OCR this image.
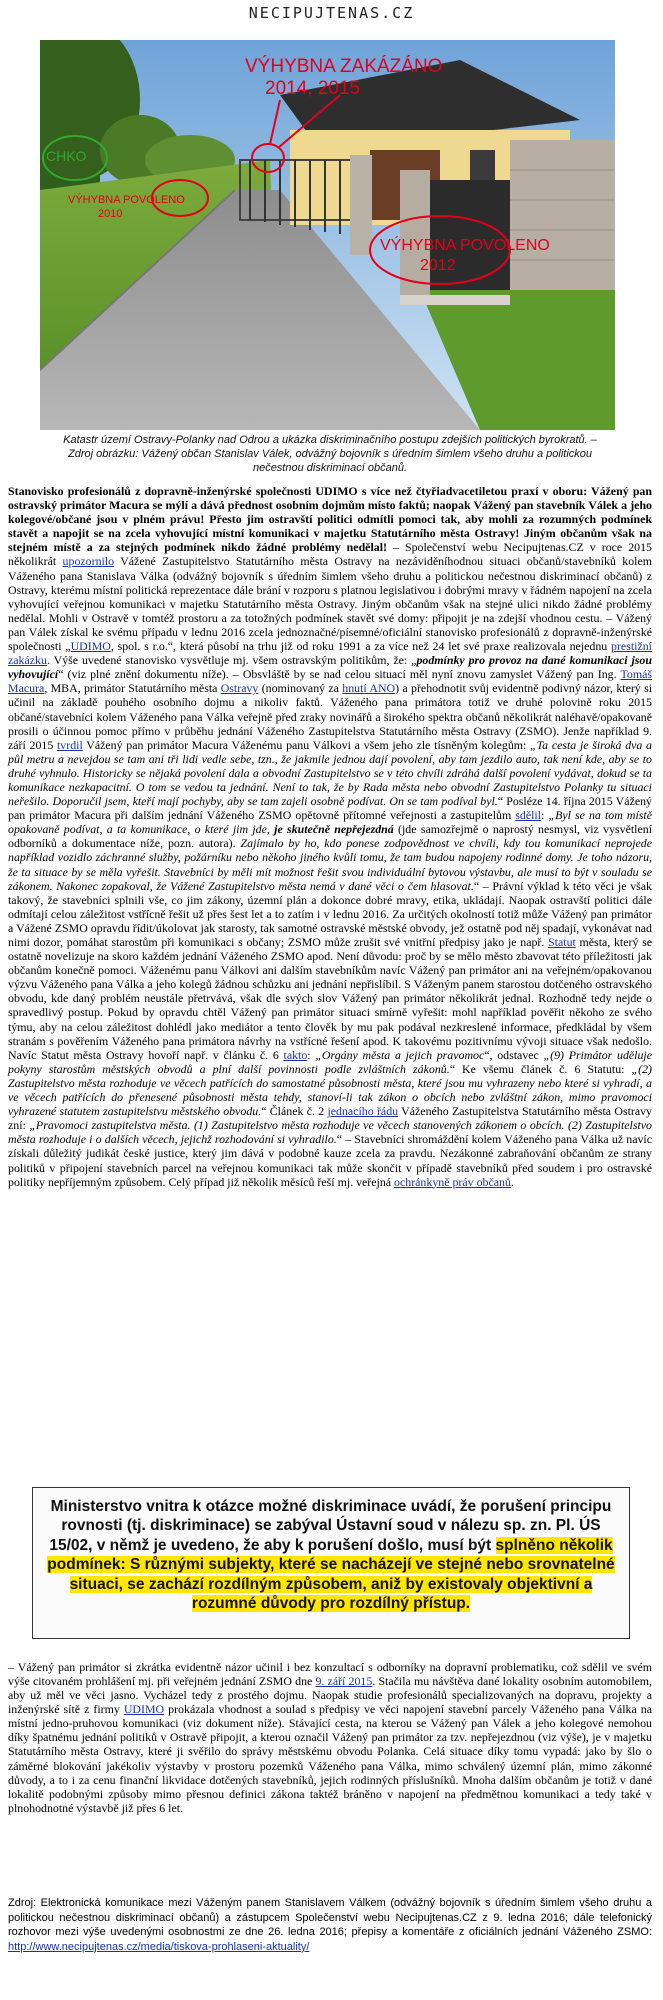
NECIPUJTENAS.CZ
VÝHYBNA ZAKÁZÁNO
2014, 2015
VÝHYBNA POVOLENO
2010
VÝHYBNA POVOLENO
2012
CHKO
Katastr území Ostravy-Polanky nad Odrou a ukázka diskriminačního postupu zdejších politických byrokratů. –
Zdroj obrázku: Vážený občan Stanislav Válek, odvážný bojovník s úředním šimlem všeho druhu a politickou nečestnou diskriminací občanů.

Stanovisko profesionálů z dopravně-inženýrské společnosti UDIMO s více než čtyřiadvacetiletou praxí v oboru: Vážený pan ostravský primátor Macura se mýlí a dává přednost osobním dojmům místo faktů; naopak Vážený pan stavebník Válek a jeho kolegové/občané jsou v plném právu! Přesto jim ostravští politici odmítli pomoci tak, aby mohli za rozumných podmínek stavět a napojit se na zcela vyhovující místní komunikaci v majetku Statutárního města Ostravy! Jiným občanům však na stejném místě a za stejných podmínek nikdo žádné problémy nedělal! – Společenství webu Necipujtenas.CZ v roce 2015 několikrát upozornilo Vážené Zastupitelstvo Statutárního města Ostravy na nezáviděníhodnou situaci občanů/stavebníků kolem Váženého pana Stanislava Válka (odvážný bojovník s úředním šimlem všeho druhu a politickou nečestnou diskriminací občanů) z Ostravy, kterému místní politická reprezentace dále brání v rozporu s platnou legislativou i dobrými mravy v řádném napojení na zcela vyhovující veřejnou komunikaci v majetku Statutárního města Ostravy. Jiným občanům však na stejné ulici nikdo žádné problémy nedělal. Mohli v Ostravě v tomtéž prostoru a za totožných podmínek stavět své domy: připojit je na zdejší vhodnou cestu. – Vážený pan Válek získal ke svému případu v lednu 2016 zcela jednoznačné/písemné/oficiální stanovisko profesionálů z dopravně-inženýrské společnosti „UDIMO, spol. s r.o.“, která působí na trhu již od roku 1991 a za více než 24 let své praxe realizovala nejednu prestižní zakázku. Výše uvedené stanovisko vysvětluje mj. všem ostravským politikům, že: „podmínky pro provoz na dané komunikaci jsou vyhovující“ (viz plné znění dokumentu níže). – Obsvláště by se nad celou situací měl nyní znovu zamyslet Vážený pan Ing. Tomáš Macura, MBA, primátor Statutárního města Ostravy (nominovaný za hnutí ANO) a přehodnotit svůj evidentně podivný názor, který si učinil na základě pouhého osobního dojmu a nikoliv faktů. Váženého pana primátora totiž ve druhé polovině roku 2015 občané/stavebníci kolem Váženého pana Válka veřejně před zraky novinářů a širokého spektra občanů několikrát naléhavě/opakovaně prosili o účinnou pomoc přímo v průběhu jednání Váženého Zastupitelstva Statutárního města Ostravy (ZSMO). Jenže například 9. září 2015 tvrdil Vážený pan primátor Macura Váženému panu Válkovi a všem jeho zle tísněným kolegům: „Ta cesta je široká dva a půl metru a nevejdou se tam ani tři lidi vedle sebe, tzn., že jakmile jednou dají povolení, aby tam jezdilo auto, tak není kde, aby se to druhé vyhnulo. Historicky se nějaká povolení dala a obvodní Zastupitelstvo se v této chvíli zdráhá další povolení vydávat, dokud se ta komunikace nezkapacitní. O tom se vedou ta jednání. Není to tak, že by Rada města nebo obvodní Zastupitelstvo Polanky tu situaci neřešilo. Doporučil jsem, kteří mají pochyby, aby se tam zajeli osobně podívat. On se tam podíval byl.“ Posléze 14. října 2015 Vážený pan primátor Macura při dalším jednání Váženého ZSMO opětovně přítomné veřejnosti a zastupitelům sdělil: „Byl se na tom místě opakovaně podívat, a ta komunikace, o které jim jde, je skutečně nepřejezdná (jde samozřejmě o naprostý nesmysl, viz vysvětlení odborníků a dokumentace níže, pozn. autora). Zajímalo by ho, kdo ponese zodpovědnost ve chvíli, kdy tou komunikací neprojede například vozidlo záchranné služby, požárníku nebo někoho jiného kvůli tomu, že tam budou napojeny rodinné domy. Je toho názoru, že ta situace by se měla vyřešit. Stavebníci by měli mít možnost řešit svou individuální bytovou výstavbu, ale musí to být v souladu se zákonem. Nakonec zopakoval, že Vážené Zastupitelstvo města nemá v dané věci o čem hlasovat.“ – Právní výklad k této věci je však takový, že stavebníci splnili vše, co jim zákony, územní plán a dokonce dobré mravy, etika, ukládají. Naopak ostravští politici dále odmítají celou záležitost vstřícně řešit už přes šest let a to zatím i v lednu 2016. Za určitých okolností totiž může Vážený pan primátor a Vážené ZSMO opravdu řídit/úkolovat jak starosty, tak samotné ostravské městské obvody, jež ostatně pod něj spadají, vykonávat nad nimi dozor, pomáhat starostům při komunikaci s občany; ZSMO může zrušit své vnitřní předpisy jako je např. Statut města, který se ostatně novelizuje na skoro každém jednání Váženého ZSMO apod. Není důvodu: proč by se mělo město zbavovat této příležitosti jak občanům konečně pomoci. Váženému panu Válkovi ani dalším stavebníkům navíc Vážený pan primátor ani na veřejném/opakovanou výzvu Váženého pana Válka a jeho kolegů žádnou schůzku ani jednání nepřislíbil. S Váženým panem starostou dotčeného ostravského obvodu, kde daný problém neustále přetrvává, však dle svých slov Vážený pan primátor několikrát jednal. Rozhodně tedy nejde o spravedlivý postup. Pokud by opravdu chtěl Vážený pan primátor situaci smírně vyřešit: mohl například pověřit někoho ze svého týmu, aby na celou záležitost dohlédl jako mediátor a tento člověk by mu pak podával nezkreslené informace, předkládal by všem stranám s pověřením Váženého pana primátora návrhy na vstřícné řešení apod. K takovému pozitivnímu vývoji situace však nedošlo. Navíc Statut města Ostravy hovoří např. v článku č. 6 takto: „Orgány města a jejich pravomoc“, odstavec „(9) Primátor uděluje pokyny starostům městských obvodů a plní další povinnosti podle zvláštních zákonů.“ Ke všemu článek č. 6 Statutu: „(2) Zastupitelstvo města rozhoduje ve věcech patřících do samostatné působnosti města, které jsou mu vyhrazeny nebo které si vyhradí, a ve věcech patřících do přenesené působnosti města tehdy, stanoví-li tak zákon o obcích nebo zvláštní zákon, mimo pravomoci vyhrazené statutem zastupitelstvu městského obvodu.“ Článek č. 2 jednacího řádu Váženého Zastupitelstva Statutárního města Ostravy zní: „Pravomoci zastupitelstva města. (1) Zastupitelstvo města rozhoduje ve věcech stanovených zákonem o obcích. (2) Zastupitelstvo města rozhoduje i o dalších věcech, jejichž rozhodování si vyhradilo.“ – Stavebníci shromáždění kolem Váženého pana Válka už navíc získali důležitý judikát české justice, který jim dává v podobné kauze zcela za pravdu. Nezákonné zabraňování občanům ze strany politiků v připojení stavebních parcel na veřejnou komunikaci tak může skončit v případě stavebníků před soudem i pro ostravské politiky nepříjemným způsobem. Celý případ již několik měsíců řeší mj. veřejná ochránkyně práv občanů.

Ministerstvo vnitra k otázce možné diskriminace uvádí, že porušení principu rovnosti (tj. diskriminace) se zabýval Ústavní soud v nálezu sp. zn. Pl. ÚS 15/02, v němž je uvedeno, že aby k porušení došlo, musí být splněno několik podmínek: S různými subjekty, které se nacházejí ve stejné nebo srovnatelné situaci, se zachází rozdílným způsobem, aniž by existovaly objektivní a rozumné důvody pro rozdílný přístup.

– Vážený pan primátor si zkrátka evidentně názor učinil i bez konzultací s odborníky na dopravní problematiku, což sdělil ve svém výše citovaném prohlášení mj. při veřejném jednání ZSMO dne 9. září 2015. Stačila mu návštěva dané lokality osobním automobilem, aby už měl ve věci jasno. Vycházel tedy z prostého dojmu. Naopak studie profesionálů specializovaných na dopravu, projekty a inženýrské sítě z firmy UDIMO prokázala vhodnost a soulad s předpisy ve věci napojení stavební parcely Váženého pana Válka na místní jedno-pruhovou komunikaci (viz dokument níže). Stávající cesta, na kterou se Vážený pan Válek a jeho kolegové nemohou díky špatnému jednání politiků v Ostravě připojit, a kterou označil Vážený pan primátor za tzv. nepřejezdnou (viz výše), je v majetku Statutárního města Ostravy, které ji svěřilo do správy městskému obvodu Polanka. Celá situace díky tomu vypadá: jako by šlo o záměrné blokování jakékoliv výstavby v prostoru pozemků Váženého pana Válka, mimo schválený územní plán, mimo zákonné důvody, a to i za cenu finanční likvidace dotčených stavebníků, jejich rodinných příslušníků. Mnoha dalším občanům je totiž v dané lokalitě podobnými způsoby mimo přesnou definici zákona taktéž bráněno v napojení na předmětnou komunikaci a tedy také v plnohodnotné výstavbě již přes 6 let.

Zdroj: Elektronická komunikace mezi Váženým panem Stanislavem Válkem (odvážný bojovník s úředním šimlem všeho druhu a politickou nečestnou diskriminací občanů) a zástupcem Společenství webu Necipujtenas.CZ z 9. ledna 2016; dále telefonický rozhovor mezi výše uvedenými osobnostmi ze dne 26. ledna 2016; přepisy a komentáře z oficiálních jednání Váženého ZSMO: http://www.necipujtenas.cz/media/tiskova-prohlaseni-aktuality/
